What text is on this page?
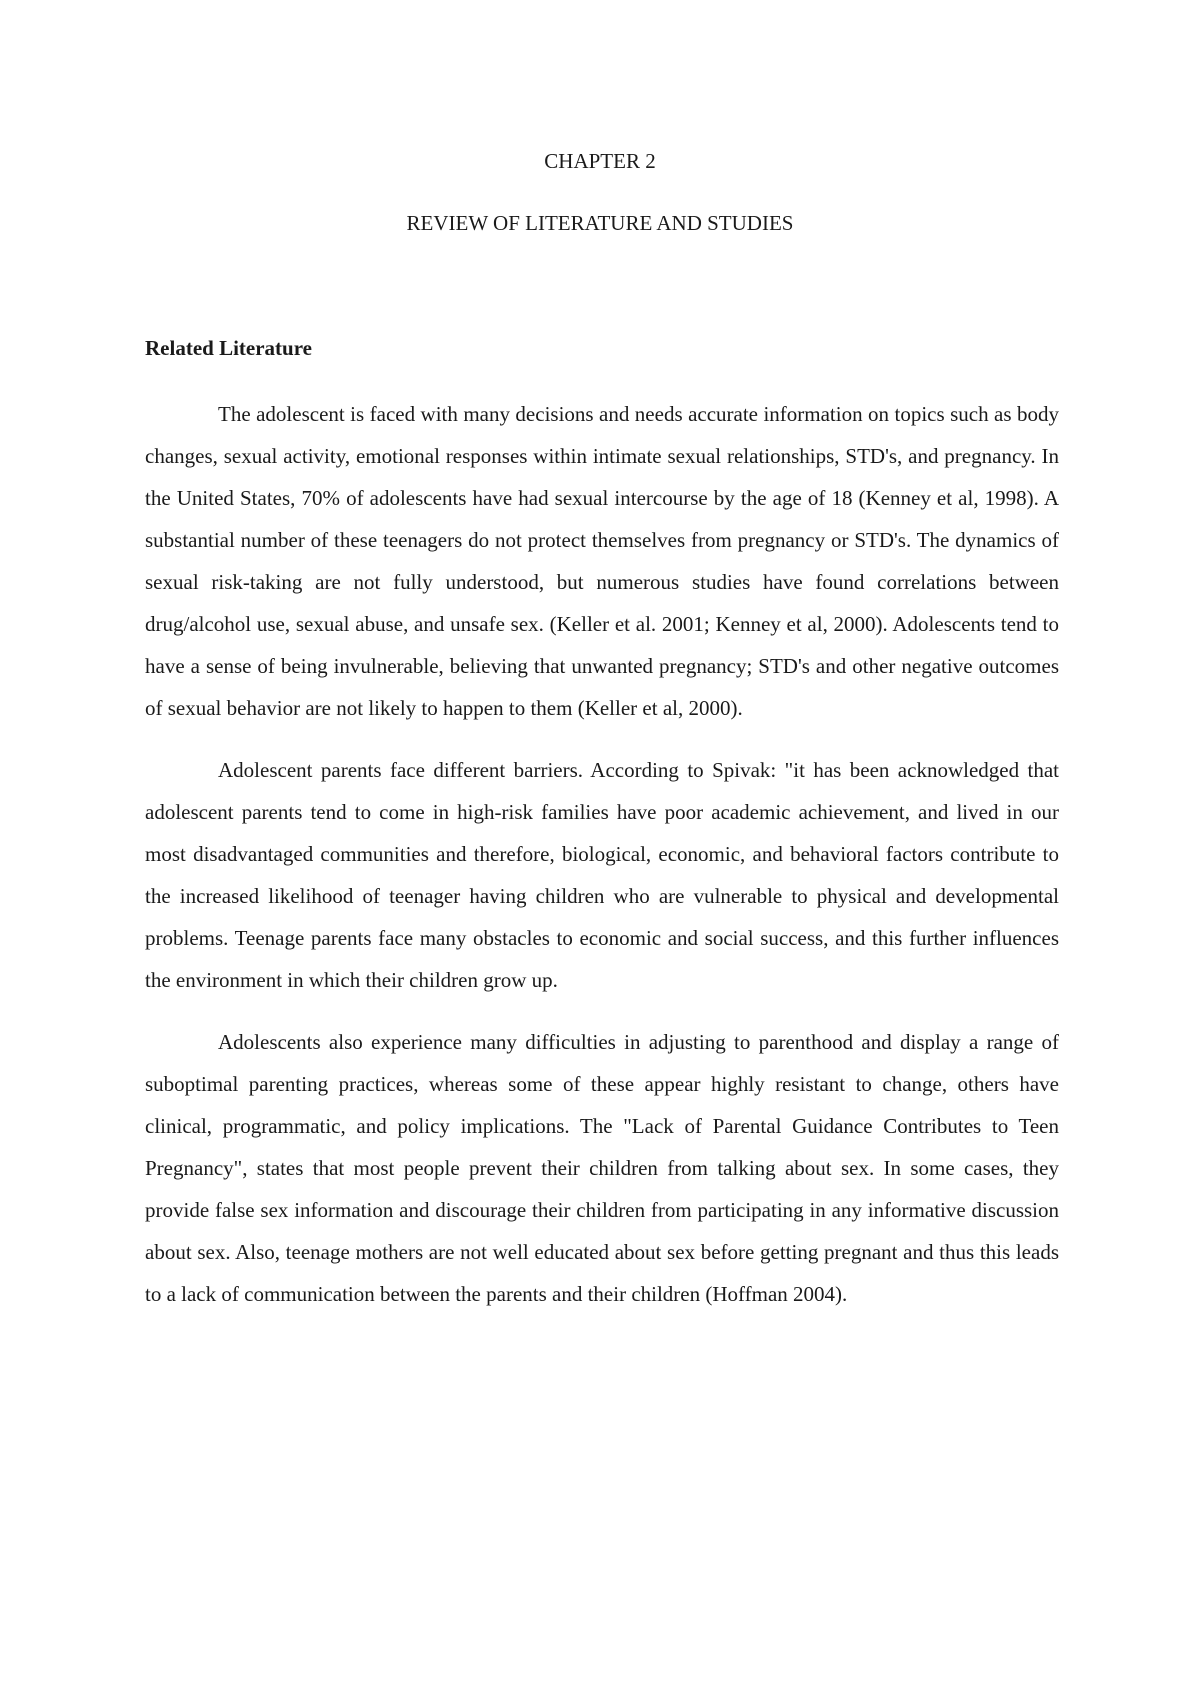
CHAPTER 2
REVIEW OF LITERATURE AND STUDIES
Related Literature

The adolescent is faced with many decisions and needs accurate information on topics such as body changes, sexual activity, emotional responses within intimate sexual relationships, STD's, and pregnancy. In the United States, 70% of adolescents have had sexual intercourse by the age of 18 (Kenney et al, 1998). A substantial number of these teenagers do not protect themselves from pregnancy or STD's. The dynamics of sexual risk-taking are not fully understood, but numerous studies have found correlations between drug/alcohol use, sexual abuse, and unsafe sex. (Keller et al. 2001; Kenney et al, 2000). Adolescents tend to have a sense of being invulnerable, believing that unwanted pregnancy; STD's and other negative outcomes of sexual behavior are not likely to happen to them (Keller et al, 2000).

Adolescent parents face different barriers. According to Spivak: "it has been acknowledged that adolescent parents tend to come in high-risk families have poor academic achievement, and lived in our most disadvantaged communities and therefore, biological, economic, and behavioral factors contribute to the increased likelihood of teenager having children who are vulnerable to physical and developmental problems. Teenage parents face many obstacles to economic and social success, and this further influences the environment in which their children grow up.

Adolescents also experience many difficulties in adjusting to parenthood and display a range of suboptimal parenting practices, whereas some of these appear highly resistant to change, others have clinical, programmatic, and policy implications. The "Lack of Parental Guidance Contributes to Teen Pregnancy", states that most people prevent their children from talking about sex. In some cases, they provide false sex information and discourage their children from participating in any informative discussion about sex. Also, teenage mothers are not well educated about sex before getting pregnant and thus this leads to a lack of communication between the parents and their children (Hoffman 2004).
